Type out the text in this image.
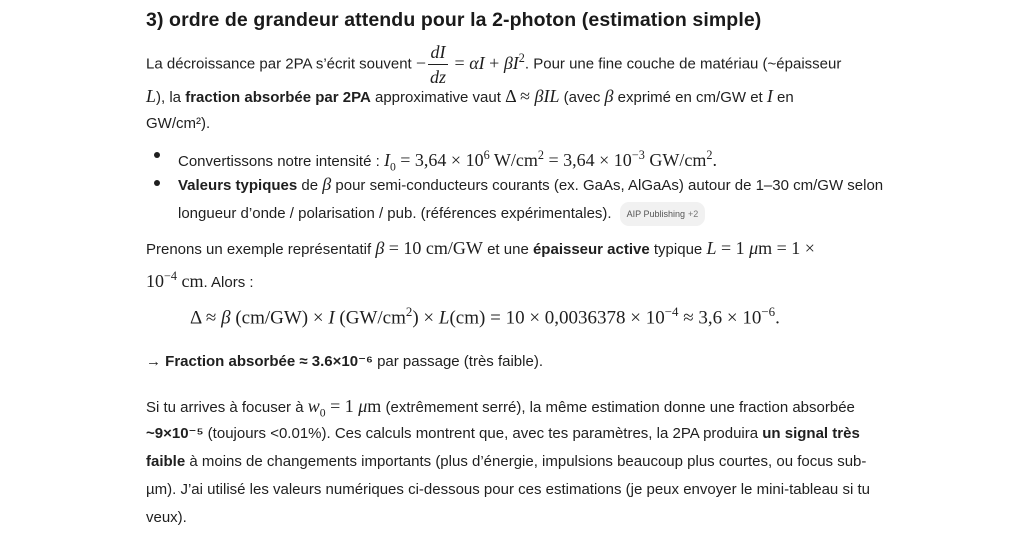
3) ordre de grandeur attendu pour la 2-photon (estimation simple)
La décroissance par 2PA s’écrit souvent − $\frac{dI}{dz} = \alpha I + \beta I^2$. Pour une fine couche de matériau (~épaisseur
L), la fraction absorbée par 2PA approximative vaut Δ ≈ βIL (avec β exprimé en cm/GW et I en
GW/cm²).
Convertissons notre intensité : $I_0 = 3,64 \times 10^6$ $W/cm^2 = 3,64 \times 10^{-3}$ $GW/cm^2$.
Valeurs typiques de β pour semi-conducteurs courants (ex. GaAs, AlGaAs) autour de 1–30 cm/GW selon
longueur d’onde / polarisation / pub. (références expérimentales). AIP Publishing +2
Prenons un exemple représentatif β = 10 cm/GW et une épaisseur active typique L = 1 μm = 1 ×
$10^{-4}$ cm. Alors :
Δ ≈ β (cm/GW) × I $(GW/cm^2) \times L(cm) = 10 \times 0,0036378 \times 10^{-4} \approx 3,6 \times 10^{-6}$.
→ Fraction absorbée ≈ 3.6×10⁻⁶ par passage (très faible).
Si tu arrives à focuser à $w_0 = 1$ μm (extrêmement serré), la même estimation donne une fraction absorbée
~9×10⁻⁵ (toujours <0.01%). Ces calculs montrent que, avec tes paramètres, la 2PA produira un signal très
faible à moins de changements importants (plus d’énergie, impulsions beaucoup plus courtes, ou focus sub-
µm). J’ai utilisé les valeurs numériques ci-dessous pour ces estimations (je peux envoyer le mini-tableau si tu
veux).
